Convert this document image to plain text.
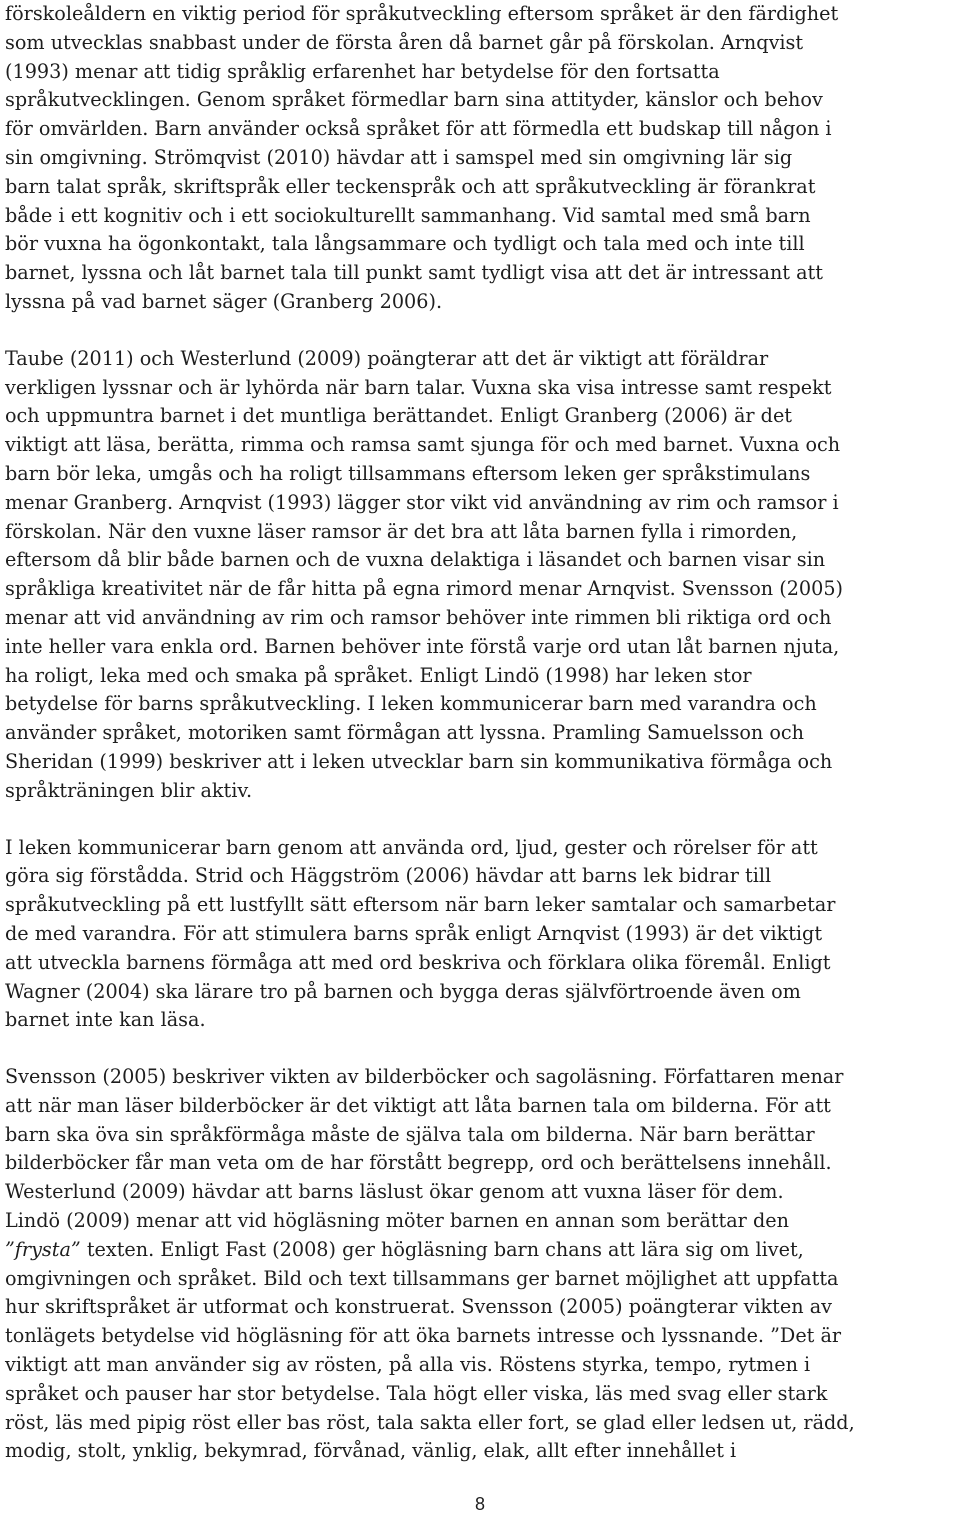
förskoleåldern en viktig period för språkutveckling eftersom språket är den färdighet
som utvecklas snabbast under de första åren då barnet går på förskolan. Arnqvist
(1993) menar att tidig språklig erfarenhet har betydelse för den fortsatta
språkutvecklingen. Genom språket förmedlar barn sina attityder, känslor och behov
för omvärlden. Barn använder också språket för att förmedla ett budskap till någon i
sin omgivning. Strömqvist (2010) hävdar att i samspel med sin omgivning lär sig
barn talat språk, skriftspråk eller teckenspråk och att språkutveckling är förankrat
både i ett kognitiv och i ett sociokulturellt sammanhang. Vid samtal med små barn
bör vuxna ha ögonkontakt, tala långsammare och tydligt och tala med och inte till
barnet, lyssna och låt barnet tala till punkt samt tydligt visa att det är intressant att
lyssna på vad barnet säger (Granberg 2006).

Taube (2011) och Westerlund (2009) poängterar att det är viktigt att föräldrar
verkligen lyssnar och är lyhörda när barn talar. Vuxna ska visa intresse samt respekt
och uppmuntra barnet i det muntliga berättandet. Enligt Granberg (2006) är det
viktigt att läsa, berätta, rimma och ramsa samt sjunga för och med barnet. Vuxna och
barn bör leka, umgås och ha roligt tillsammans eftersom leken ger språkstimulans
menar Granberg. Arnqvist (1993) lägger stor vikt vid användning av rim och ramsor i
förskolan. När den vuxne läser ramsor är det bra att låta barnen fylla i rimorden,
eftersom då blir både barnen och de vuxna delaktiga i läsandet och barnen visar sin
språkliga kreativitet när de får hitta på egna rimord menar Arnqvist. Svensson (2005)
menar att vid användning av rim och ramsor behöver inte rimmen bli riktiga ord och
inte heller vara enkla ord. Barnen behöver inte förstå varje ord utan låt barnen njuta,
ha roligt, leka med och smaka på språket. Enligt Lindö (1998) har leken stor
betydelse för barns språkutveckling. I leken kommunicerar barn med varandra och
använder språket, motoriken samt förmågan att lyssna. Pramling Samuelsson och
Sheridan (1999) beskriver att i leken utvecklar barn sin kommunikativa förmåga och
språkträningen blir aktiv.

I leken kommunicerar barn genom att använda ord, ljud, gester och rörelser för att
göra sig förstådda. Strid och Häggström (2006) hävdar att barns lek bidrar till
språkutveckling på ett lustfyllt sätt eftersom när barn leker samtalar och samarbetar
de med varandra. För att stimulera barns språk enligt Arnqvist (1993) är det viktigt
att utveckla barnens förmåga att med ord beskriva och förklara olika föremål. Enligt
Wagner (2004) ska lärare tro på barnen och bygga deras självförtroende även om
barnet inte kan läsa.

Svensson (2005) beskriver vikten av bilderböcker och sagoläsning. Författaren menar
att när man läser bilderböcker är det viktigt att låta barnen tala om bilderna. För att
barn ska öva sin språkförmåga måste de själva tala om bilderna. När barn berättar
bilderböcker får man veta om de har förstått begrepp, ord och berättelsens innehåll.
Westerlund (2009) hävdar att barns läslust ökar genom att vuxna läser för dem.
Lindö (2009) menar att vid högläsning möter barnen en annan som berättar den
”frysta” texten. Enligt Fast (2008) ger högläsning barn chans att lära sig om livet,
omgivningen och språket. Bild och text tillsammans ger barnet möjlighet att uppfatta
hur skriftspråket är utformat och konstruerat. Svensson (2005) poängterar vikten av
tonlägets betydelse vid högläsning för att öka barnets intresse och lyssnande. ”Det är
viktigt att man använder sig av rösten, på alla vis. Röstens styrka, tempo, rytmen i
språket och pauser har stor betydelse. Tala högt eller viska, läs med svag eller stark
röst, läs med pipig röst eller bas röst, tala sakta eller fort, se glad eller ledsen ut, rädd,
modig, stolt, ynklig, bekymrad, förvånad, vänlig, elak, allt efter innehållet i

8
